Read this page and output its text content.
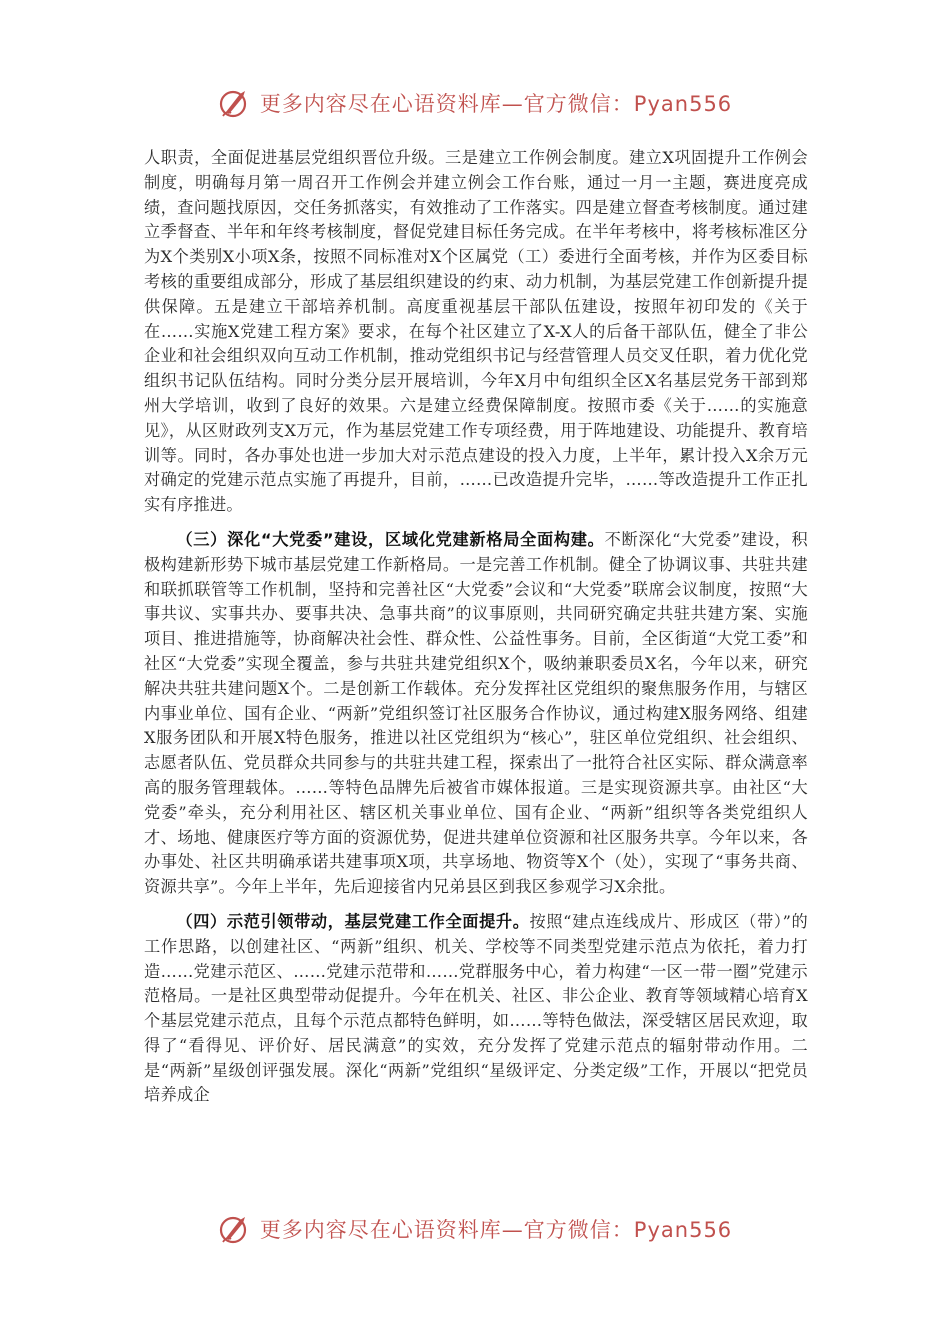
更多内容尽在心语资料库—官方微信：Pyan556

人职责，全面促进基层党组织晋位升级。三是建立工作例会制度。建立X巩固提升工作例会制度，明确每月第一周召开工作例会并建立例会工作台账，通过一月一主题，赛进度亮成绩，查问题找原因，交任务抓落实，有效推动了工作落实。四是建立督查考核制度。通过建立季督查、半年和年终考核制度，督促党建目标任务完成。在半年考核中，将考核标准区分为X个类别X小项X条，按照不同标准对X个区属党（工）委进行全面考核，并作为区委目标考核的重要组成部分，形成了基层组织建设的约束、动力机制，为基层党建工作创新提升提供保障。五是建立干部培养机制。高度重视基层干部队伍建设，按照年初印发的《关于在……实施X党建工程方案》要求，在每个社区建立了X-X人的后备干部队伍，健全了非公企业和社会组织双向互动工作机制，推动党组织书记与经营管理人员交叉任职，着力优化党组织书记队伍结构。同时分类分层开展培训，今年X月中旬组织全区X名基层党务干部到郑州大学培训，收到了良好的效果。六是建立经费保障制度。按照市委《关于……的实施意见》，从区财政列支X万元，作为基层党建工作专项经费，用于阵地建设、功能提升、教育培训等。同时，各办事处也进一步加大对示范点建设的投入力度，上半年，累计投入X余万元对确定的党建示范点实施了再提升，目前，……已改造提升完毕，……等改造提升工作正扎实有序推进。

（三）深化“大党委”建设，区域化党建新格局全面构建。不断深化“大党委”建设，积极构建新形势下城市基层党建工作新格局。一是完善工作机制。健全了协调议事、共驻共建和联抓联管等工作机制，坚持和完善社区“大党委”会议和“大党委”联席会议制度，按照“大事共议、实事共办、要事共决、急事共商”的议事原则，共同研究确定共驻共建方案、实施项目、推进措施等，协商解决社会性、群众性、公益性事务。目前，全区街道“大党工委”和社区“大党委”实现全覆盖，参与共驻共建党组织X个，吸纳兼职委员X名，今年以来，研究解决共驻共建问题X个。二是创新工作载体。充分发挥社区党组织的聚焦服务作用，与辖区内事业单位、国有企业、“两新”党组织签订社区服务合作协议，通过构建X服务网络、组建X服务团队和开展X特色服务，推进以社区党组织为“核心”，驻区单位党组织、社会组织、志愿者队伍、党员群众共同参与的共驻共建工程，探索出了一批符合社区实际、群众满意率高的服务管理载体。……等特色品牌先后被省市媒体报道。三是实现资源共享。由社区“大党委”牵头，充分利用社区、辖区机关事业单位、国有企业、“两新”组织等各类党组织人才、场地、健康医疗等方面的资源优势，促进共建单位资源和社区服务共享。今年以来，各办事处、社区共明确承诺共建事项X项，共享场地、物资等X个（处），实现了“事务共商、资源共享”。今年上半年，先后迎接省内兄弟县区到我区参观学习X余批。

（四）示范引领带动，基层党建工作全面提升。按照“建点连线成片、形成区（带）”的工作思路，以创建社区、“两新”组织、机关、学校等不同类型党建示范点为依托，着力打造……党建示范区、……党建示范带和……党群服务中心，着力构建“一区一带一圈”党建示范格局。一是社区典型带动促提升。今年在机关、社区、非公企业、教育等领域精心培育X个基层党建示范点，且每个示范点都特色鲜明，如……等特色做法，深受辖区居民欢迎，取得了“看得见、评价好、居民满意”的实效，充分发挥了党建示范点的辐射带动作用。二是“两新”星级创评强发展。深化“两新”党组织“星级评定、分类定级”工作，开展以“把党员培养成企

更多内容尽在心语资料库—官方微信：Pyan556
